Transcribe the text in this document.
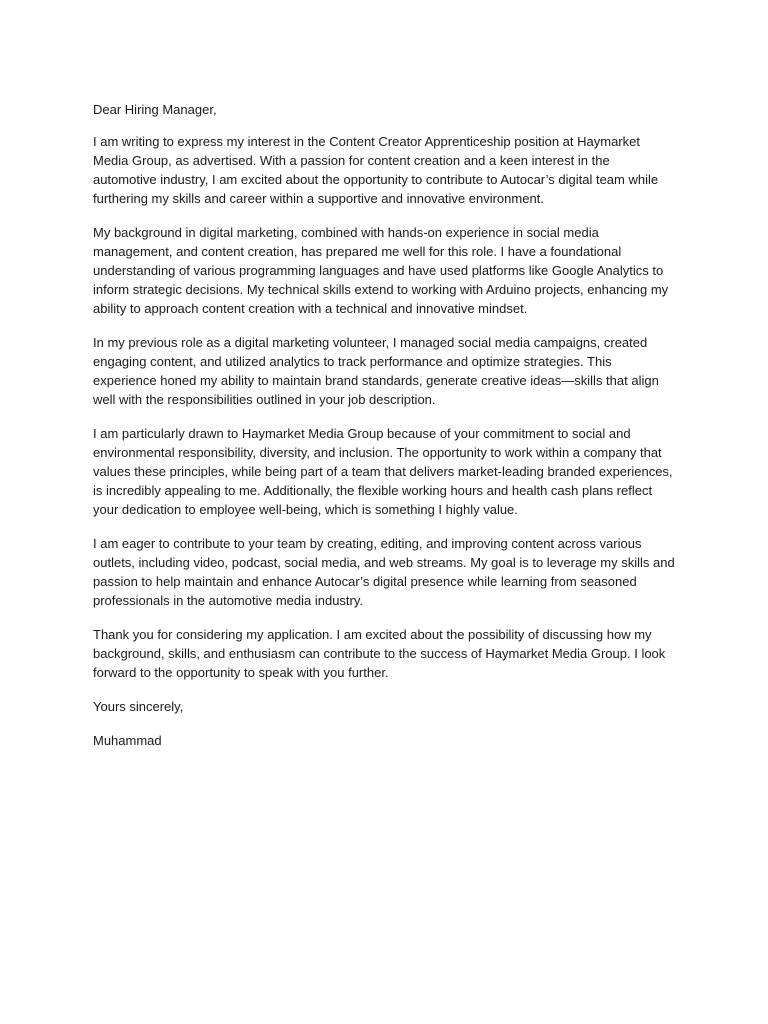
Dear Hiring Manager,

I am writing to express my interest in the Content Creator Apprenticeship position at Haymarket Media Group, as advertised. With a passion for content creation and a keen interest in the automotive industry, I am excited about the opportunity to contribute to Autocar’s digital team while furthering my skills and career within a supportive and innovative environment.

My background in digital marketing, combined with hands-on experience in social media management, and content creation, has prepared me well for this role. I have a foundational understanding of various programming languages and have used platforms like Google Analytics to inform strategic decisions. My technical skills extend to working with Arduino projects, enhancing my ability to approach content creation with a technical and innovative mindset.

In my previous role as a digital marketing volunteer, I managed social media campaigns, created engaging content, and utilized analytics to track performance and optimize strategies. This experience honed my ability to maintain brand standards, generate creative ideas—skills that align well with the responsibilities outlined in your job description.

I am particularly drawn to Haymarket Media Group because of your commitment to social and environmental responsibility, diversity, and inclusion. The opportunity to work within a company that values these principles, while being part of a team that delivers market-leading branded experiences, is incredibly appealing to me. Additionally, the flexible working hours and health cash plans reflect your dedication to employee well-being, which is something I highly value.

I am eager to contribute to your team by creating, editing, and improving content across various outlets, including video, podcast, social media, and web streams. My goal is to leverage my skills and passion to help maintain and enhance Autocar’s digital presence while learning from seasoned professionals in the automotive media industry.

Thank you for considering my application. I am excited about the possibility of discussing how my background, skills, and enthusiasm can contribute to the success of Haymarket Media Group. I look forward to the opportunity to speak with you further.

Yours sincerely,

Muhammad
